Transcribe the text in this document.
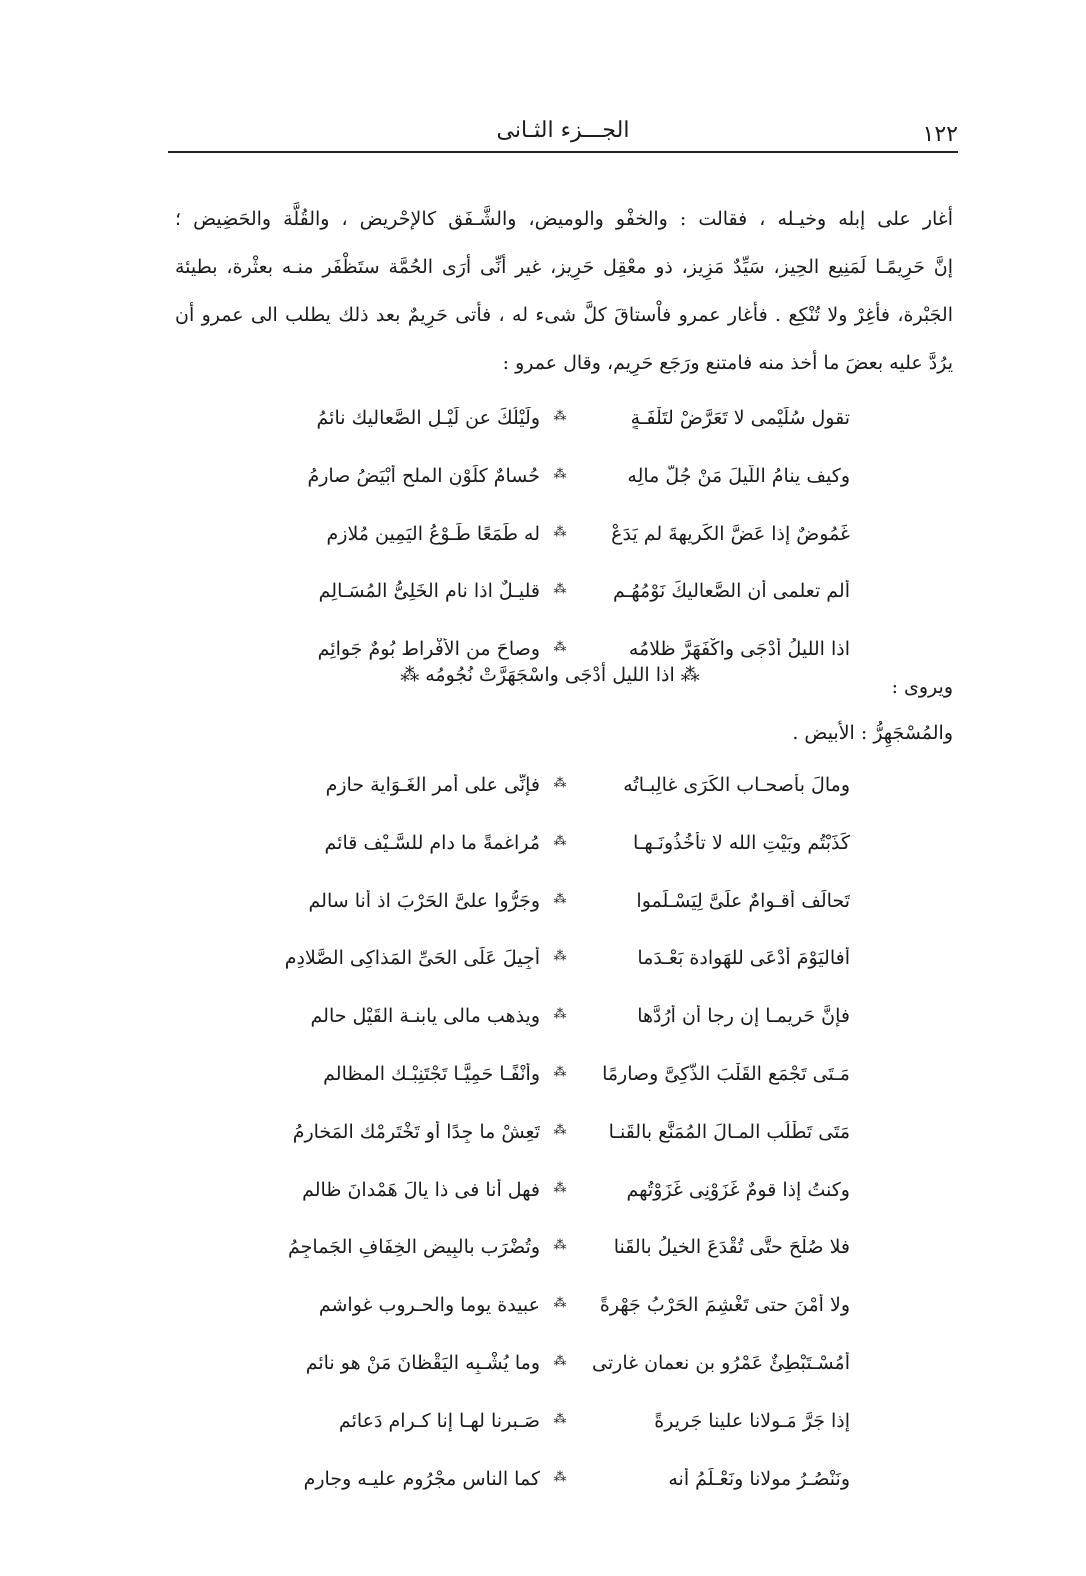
١٢٢
الجـــزء الثـانى
أغار على إبله وخيـله ، فقالت : والخفْو والوميض، والشَّـفَق كالإحْريض ، والقُلَّة والحَضِيض ؛
إنَّ حَرِيمًـا لَمَنِيع الحِيز، سَيِّدٌ مَزِيز، ذو معْقِل حَرِيز، غير أنِّى أرَى الحُمَّة ستَظْفَر منـه بعثْرة، بطيئة
الجَبْرة، فأغِرْ ولا تُنْكِع . فأغار عمرو فاْستاقَ كلَّ شىء له ، فأتى حَرِيمٌ بعد ذلك يطلب الى عمرو أن
يرُدَّ عليه بعضَ ما أخذ منه فامتنع ورَجَع حَرِيم، وقال عمرو :
تقول سُلَيْمى لا تَعَرَّضْ لتَلْفَـةٍ
⁂
ولَيْلُكَ عن لَيْـلِ الصَّعاليك نائمُ
وكيف ينامُ اللَّيلَ مَنْ جُلُّ مالِه
⁂
حُسامٌ كلَوْنِ الملح أبْيَضُ صارمُ
غَمُوضٌ إذا عَضَّ الكَرِيهةَ لم يَدَعْ
⁂
له طَمَعًا طَـوْعُ اليَمِين مُلازِمِ
ألم تعلمى أن الصَّعاليكَ نَوْمُهُـم
⁂
قليـلٌ اذا نام الخَلِىُّ المُسَـالِمِ
اذا الليلُ أدْجَى واكْفَهَرَّ ظلامُه
⁂
وصاحَ من الأفْراط بُومٌ جَوائِمِ
ويروى :
⁂ اذا الليل أدْجَى واسْجَهَرَّتْ نُجُومُه ⁂
والمُسْجَهِرُّ : الأبيض .
ومالَ بأصحـاب الكَرَى غالِبـاتُه
⁂
فإنِّى على أمرِ الغَـوَاية حازمِ
كَذَبْتُم وبَيْتِ الله لا تأْخُذُونَـهـا
⁂
مُراغمةً ما دام للسَّـيْف قائم
تَحالَف أقـوامٌ علَىَّ لِيَسْـلَموا
⁂
وجَرُّوا علىَّ الحَرْبَ اذ أنا سالم
أفاليَوْمَ أُدْعَى للهَوادة بَعْـدَما
⁂
أُجِيلَ عَلَى الحَىِّ المَذاكِى الصَّلادِمِ
فإنَّ حَرِيمـا إن رجا أن أرُدَّها
⁂
ويذهب مالى يابنـة القَيْل حالم
مَـتَى تَجْمَعِ القَلْبَ الذَّكِىَّ وصارمًا
⁂
وأنْفًـا حَمِيًّـا تَجْتَنِبْـك المظالم
مَتَى تَطْلُب المـالَ المُمَنَّع بالقَنـا
⁂
تَعِشْ ما جِدًا أو تَخْتَرِمْك المَخارِمُ
وكنتُ إذا قومٌ غَزَوْنِى غَزَوْتُهم
⁂
فهل أنا فى ذا يالَ هَمْدانَ ظالم
فلا صُلْحَ حتَّى تُقْدَعَ الخيلُ بالقَنا
⁂
وتُضْرَب بالبِيضِ الخِفَافِ الجَماجِمُ
ولا أَمْنَ حتى تَغْشِمَ الحَرْبُ جَهْرةً
⁂
عبيدة يوما والحـروب غواشم
أمُسْـتَبْطِئٌ عَمْرُو بن نعمان غارتى
⁂
وما يُشْـبِه اليَقْظانَ مَنْ هو نائم
إذا جَرَّ مَـولانا علينا جَرِيرةً
⁂
صَـبرنا لهـا إنا كـرام دَعائم
ونَنْصُـرُ مولانا ونَعْـلَمُ أنه
⁂
كما الناس مجْرُوم عليـه وجارم
